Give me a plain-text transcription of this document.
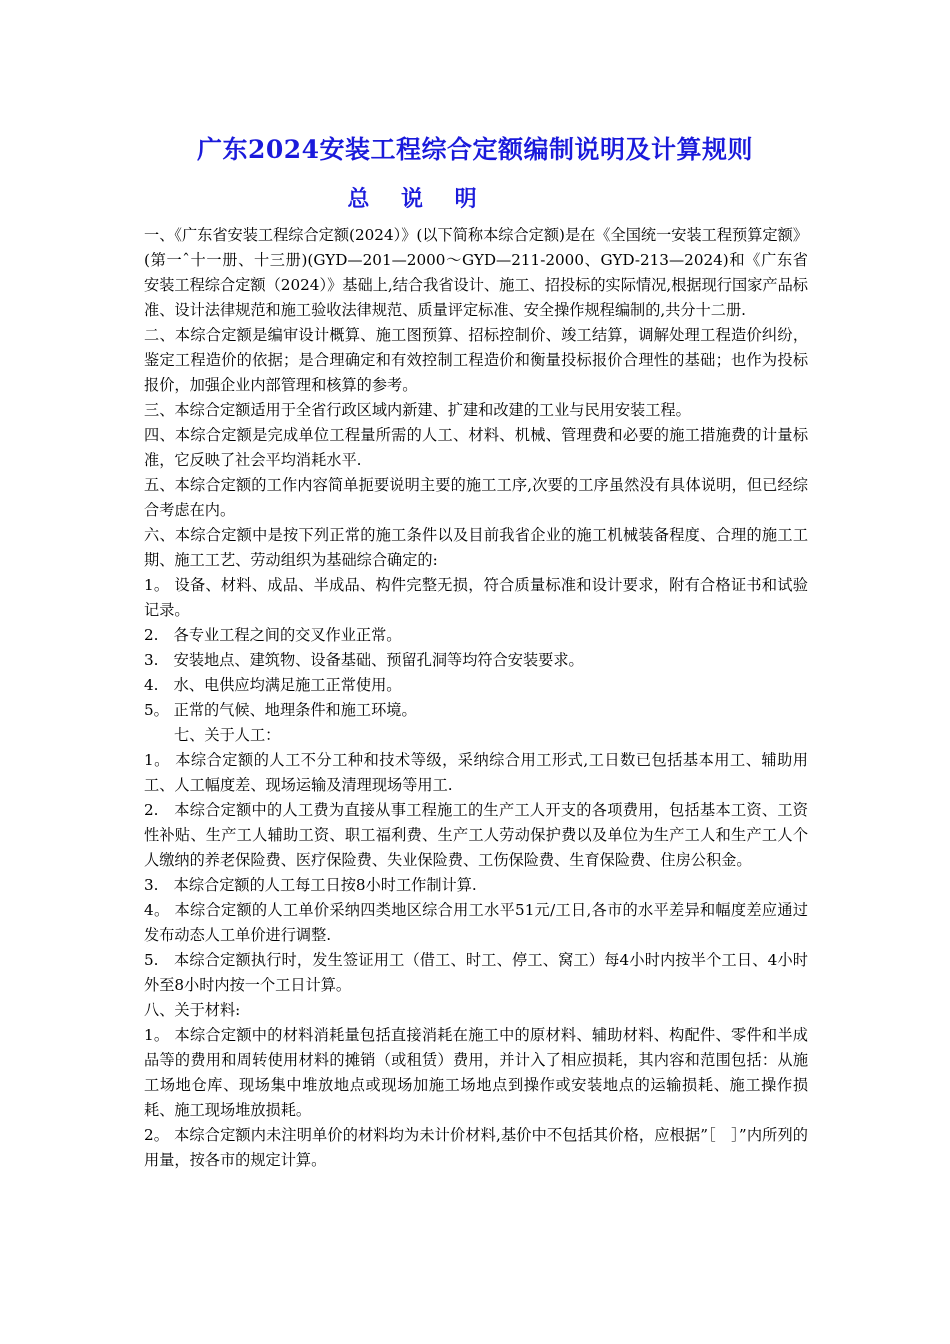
广东2024安装工程综合定额编制说明及计算规则
总 说 明

一、《广东省安装工程综合定额(2024）》(以下简称本综合定额)是在《全国统一安装工程预算定额》(第一ˆ十一册、十三册)(GYD—201—2000～GYD—211-2000、GYD-213—2024)和《广东省安装工程综合定额（2024）》基础上,结合我省设计、施工、招投标的实际情况,根据现行国家产品标准、设计法律规范和施工验收法律规范、质量评定标准、安全操作规程编制的,共分十二册.

二、本综合定额是编审设计概算、施工图预算、招标控制价、竣工结算，调解处理工程造价纠纷，鉴定工程造价的依据；是合理确定和有效控制工程造价和衡量投标报价合理性的基础；也作为投标报价，加强企业内部管理和核算的参考。

三、本综合定额适用于全省行政区域内新建、扩建和改建的工业与民用安装工程。

四、本综合定额是完成单位工程量所需的人工、材料、机械、管理费和必要的施工措施费的计量标准，它反映了社会平均消耗水平.

五、本综合定额的工作内容简单扼要说明主要的施工工序,次要的工序虽然没有具体说明，但已经综合考虑在内。

六、本综合定额中是按下列正常的施工条件以及目前我省企业的施工机械装备程度、合理的施工工期、施工工艺、劳动组织为基础综合确定的:

1。 设备、材料、成品、半成品、构件完整无损，符合质量标准和设计要求，附有合格证书和试验记录。

2.　各专业工程之间的交叉作业正常。

3.　安装地点、建筑物、设备基础、预留孔洞等均符合安装要求。

4.　水、电供应均满足施工正常使用。

5。 正常的气候、地理条件和施工环境。

七、关于人工：

1。 本综合定额的人工不分工种和技术等级，采纳综合用工形式,工日数已包括基本用工、辅助用工、人工幅度差、现场运输及清理现场等用工.

2.　本综合定额中的人工费为直接从事工程施工的生产工人开支的各项费用，包括基本工资、工资性补贴、生产工人辅助工资、职工福利费、生产工人劳动保护费以及单位为生产工人和生产工人个人缴纳的养老保险费、医疗保险费、失业保险费、工伤保险费、生育保险费、住房公积金。

3.　本综合定额的人工每工日按8小时工作制计算.

4。 本综合定额的人工单价采纳四类地区综合用工水平51元/工日,各市的水平差异和幅度差应通过发布动态人工单价进行调整.

5.　本综合定额执行时，发生签证用工（借工、时工、停工、窝工）每4小时内按半个工日、4小时外至8小时内按一个工日计算。

八、关于材料:

1。 本综合定额中的材料消耗量包括直接消耗在施工中的原材料、辅助材料、构配件、零件和半成品等的费用和周转使用材料的摊销（或租赁）费用，并计入了相应损耗，其内容和范围包括：从施工场地仓库、现场集中堆放地点或现场加施工场地点到操作或安装地点的运输损耗、施工操作损耗、施工现场堆放损耗。

2。 本综合定额内未注明单价的材料均为未计价材料,基价中不包括其价格，应根据”［　］”内所列的用量，按各市的规定计算。
